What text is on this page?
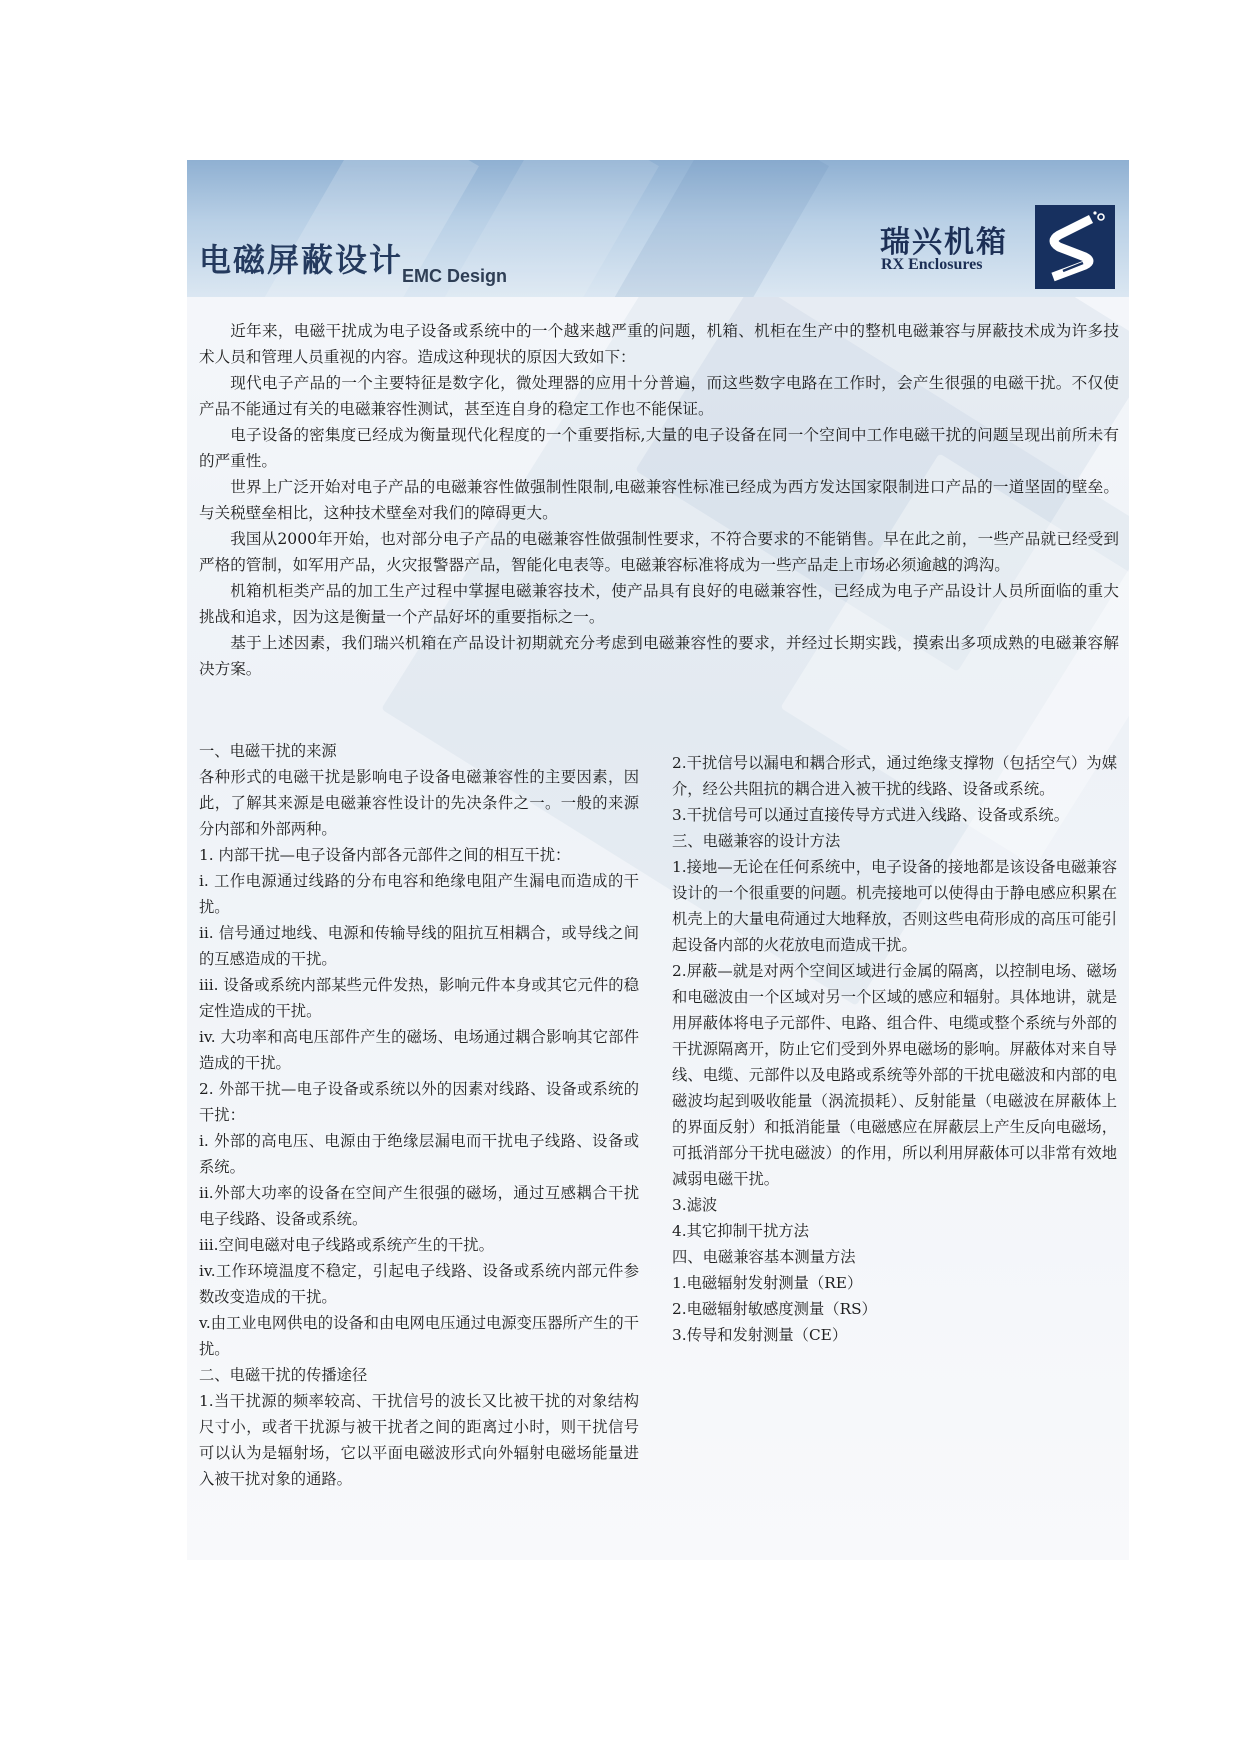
电磁屏蔽设计
EMC Design
瑞兴机箱
RX Enclosures

近年来，电磁干扰成为电子设备或系统中的一个越来越严重的问题，机箱、机柜在生产中的整机电磁兼容与屏蔽技术成为许多技术人员和管理人员重视的内容。造成这种现状的原因大致如下：

现代电子产品的一个主要特征是数字化，微处理器的应用十分普遍，而这些数字电路在工作时，会产生很强的电磁干扰。不仅使产品不能通过有关的电磁兼容性测试，甚至连自身的稳定工作也不能保证。

电子设备的密集度已经成为衡量现代化程度的一个重要指标,大量的电子设备在同一个空间中工作电磁干扰的问题呈现出前所未有的严重性。

世界上广泛开始对电子产品的电磁兼容性做强制性限制,电磁兼容性标准已经成为西方发达国家限制进口产品的一道坚固的壁垒。与关税壁垒相比，这种技术壁垒对我们的障碍更大。

我国从2000年开始，也对部分电子产品的电磁兼容性做强制性要求，不符合要求的不能销售。早在此之前，一些产品就已经受到严格的管制，如军用产品，火灾报警器产品，智能化电表等。电磁兼容标准将成为一些产品走上市场必须逾越的鸿沟。

机箱机柜类产品的加工生产过程中掌握电磁兼容技术，使产品具有良好的电磁兼容性，已经成为电子产品设计人员所面临的重大挑战和追求，因为这是衡量一个产品好坏的重要指标之一。

基于上述因素，我们瑞兴机箱在产品设计初期就充分考虑到电磁兼容性的要求，并经过长期实践，摸索出多项成熟的电磁兼容解决方案。

一、电磁干扰的来源

各种形式的电磁干扰是影响电子设备电磁兼容性的主要因素，因此，了解其来源是电磁兼容性设计的先决条件之一。一般的来源分内部和外部两种。

1. 内部干扰—电子设备内部各元部件之间的相互干扰：

i. 工作电源通过线路的分布电容和绝缘电阻产生漏电而造成的干扰。

ii. 信号通过地线、电源和传输导线的阻抗互相耦合，或导线之间的互感造成的干扰。

iii. 设备或系统内部某些元件发热，影响元件本身或其它元件的稳定性造成的干扰。

iv. 大功率和高电压部件产生的磁场、电场通过耦合影响其它部件造成的干扰。

2. 外部干扰—电子设备或系统以外的因素对线路、设备或系统的干扰：

i. 外部的高电压、电源由于绝缘层漏电而干扰电子线路、设备或系统。

ii.外部大功率的设备在空间产生很强的磁场，通过互感耦合干扰电子线路、设备或系统。

iii.空间电磁对电子线路或系统产生的干扰。

iv.工作环境温度不稳定，引起电子线路、设备或系统内部元件参数改变造成的干扰。

v.由工业电网供电的设备和由电网电压通过电源变压器所产生的干扰。

二、电磁干扰的传播途径

1.当干扰源的频率较高、干扰信号的波长又比被干扰的对象结构尺寸小，或者干扰源与被干扰者之间的距离过小时，则干扰信号可以认为是辐射场，它以平面电磁波形式向外辐射电磁场能量进入被干扰对象的通路。

2.干扰信号以漏电和耦合形式，通过绝缘支撑物（包括空气）为媒介，经公共阻抗的耦合进入被干扰的线路、设备或系统。

3.干扰信号可以通过直接传导方式进入线路、设备或系统。

三、电磁兼容的设计方法

1.接地—无论在任何系统中，电子设备的接地都是该设备电磁兼容设计的一个很重要的问题。机壳接地可以使得由于静电感应积累在机壳上的大量电荷通过大地释放，否则这些电荷形成的高压可能引起设备内部的火花放电而造成干扰。

2.屏蔽—就是对两个空间区域进行金属的隔离，以控制电场、磁场和电磁波由一个区域对另一个区域的感应和辐射。具体地讲，就是用屏蔽体将电子元部件、电路、组合件、电缆或整个系统与外部的干扰源隔离开，防止它们受到外界电磁场的影响。屏蔽体对来自导线、电缆、元部件以及电路或系统等外部的干扰电磁波和内部的电磁波均起到吸收能量（涡流损耗）、反射能量（电磁波在屏蔽体上的界面反射）和抵消能量（电磁感应在屏蔽层上产生反向电磁场，可抵消部分干扰电磁波）的作用，所以利用屏蔽体可以非常有效地减弱电磁干扰。

3.滤波

4.其它抑制干扰方法

四、电磁兼容基本测量方法

1.电磁辐射发射测量（RE）

2.电磁辐射敏感度测量（RS）

3.传导和发射测量（CE）
